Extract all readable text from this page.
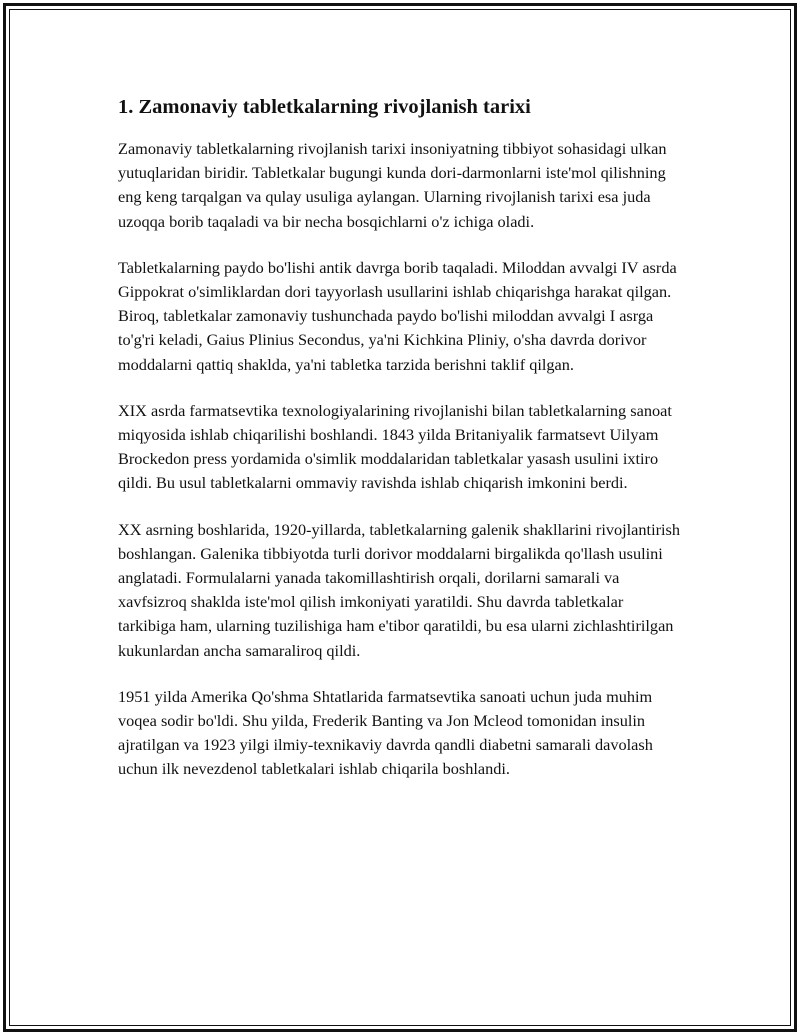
1. Zamonaviy tabletkalarning rivojlanish tarixi

Zamonaviy tabletkalarning rivojlanish tarixi insoniyatning tibbiyot sohasidagi ulkan yutuqlaridan biridir. Tabletkalar bugungi kunda dori-darmonlarni iste'mol qilishning eng keng tarqalgan va qulay usuliga aylangan. Ularning rivojlanish tarixi esa juda uzoqqa borib taqaladi va bir necha bosqichlarni o'z ichiga oladi.

Tabletkalarning paydo bo'lishi antik davrga borib taqaladi. Miloddan avvalgi IV asrda Gippokrat o'simliklardan dori tayyorlash usullarini ishlab chiqarishga harakat qilgan. Biroq, tabletkalar zamonaviy tushunchada paydo bo'lishi miloddan avvalgi I asrga to'g'ri keladi, Gaius Plinius Secondus, ya'ni Kichkina Pliniy, o'sha davrda dorivor moddalarni qattiq shaklda, ya'ni tabletka tarzida berishni taklif qilgan.

XIX asrda farmatsevtika texnologiyalarining rivojlanishi bilan tabletkalarning sanoat miqyosida ishlab chiqarilishi boshlandi. 1843 yilda Britaniyalik farmatsevt Uilyam Brockedon press yordamida o'simlik moddalaridan tabletkalar yasash usulini ixtiro qildi. Bu usul tabletkalarni ommaviy ravishda ishlab chiqarish imkonini berdi.

XX asrning boshlarida, 1920-yillarda, tabletkalarning galenik shakllarini rivojlantirish boshlangan. Galenika tibbiyotda turli dorivor moddalarni birgalikda qo'llash usulini anglatadi. Formulalarni yanada takomillashtirish orqali, dorilarni samarali va xavfsizroq shaklda iste'mol qilish imkoniyati yaratildi. Shu davrda tabletkalar tarkibiga ham, ularning tuzilishiga ham e'tibor qaratildi, bu esa ularni zichlashtirilgan kukunlardan ancha samaraliroq qildi.

1951 yilda Amerika Qo'shma Shtatlarida farmatsevtika sanoati uchun juda muhim voqea sodir bo'ldi. Shu yilda, Frederik Banting va Jon Mcleod tomonidan insulin ajratilgan va 1923 yilgi ilmiy-texnikaviy davrda qandli diabetni samarali davolash uchun ilk nevezdenol tabletkalari ishlab chiqarila boshlandi.
